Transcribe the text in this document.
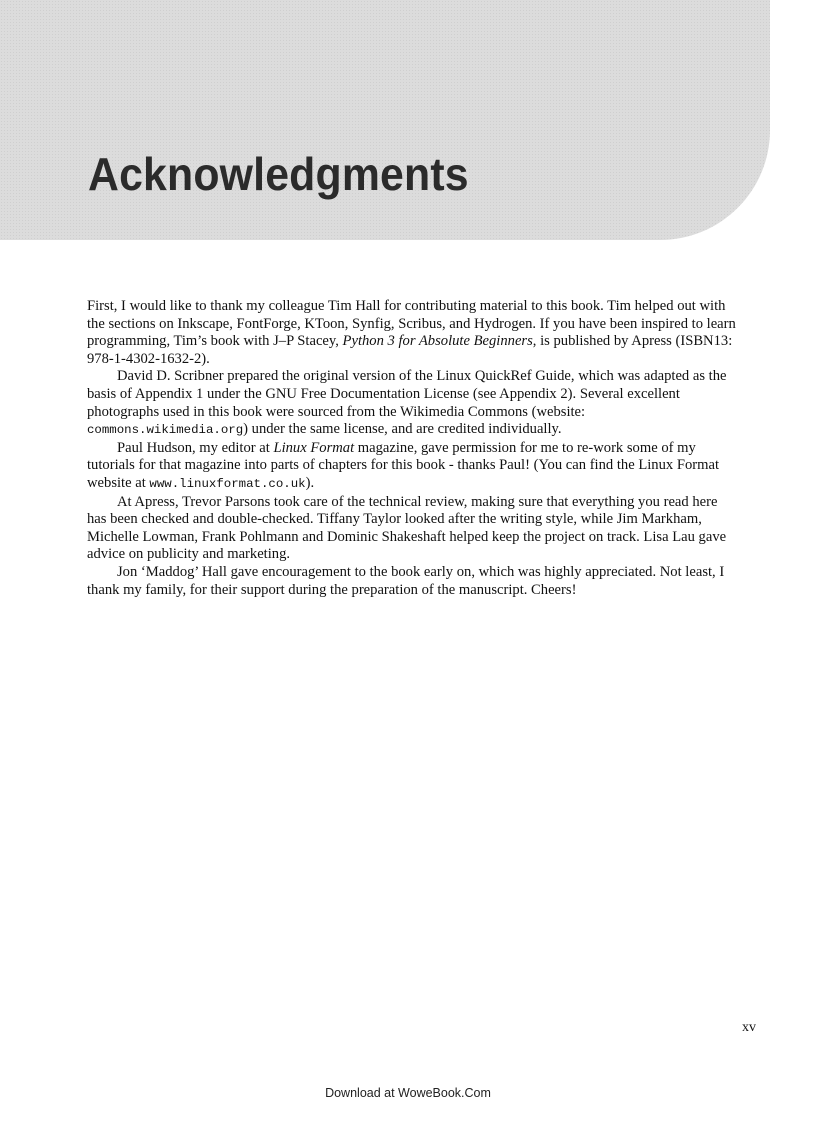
Acknowledgments

First, I would like to thank my colleague Tim Hall for contributing material to this book. Tim helped out with the sections on Inkscape, FontForge, KToon, Synfig, Scribus, and Hydrogen. If you have been inspired to learn programming, Tim’s book with J–P Stacey, Python 3 for Absolute Beginners, is published by Apress (ISBN13: 978-1-4302-1632-2).

David D. Scribner prepared the original version of the Linux QuickRef Guide, which was adapted as the basis of Appendix 1 under the GNU Free Documentation License (see Appendix 2). Several excellent photographs used in this book were sourced from the Wikimedia Commons (website: commons.wikimedia.org) under the same license, and are credited individually.

Paul Hudson, my editor at Linux Format magazine, gave permission for me to re-work some of my tutorials for that magazine into parts of chapters for this book - thanks Paul! (You can find the Linux Format website at www.linuxformat.co.uk).

At Apress, Trevor Parsons took care of the technical review, making sure that everything you read here has been checked and double-checked. Tiffany Taylor looked after the writing style, while Jim Markham, Michelle Lowman, Frank Pohlmann and Dominic Shakeshaft helped keep the project on track. Lisa Lau gave advice on publicity and marketing.

Jon ‘Maddog’ Hall gave encouragement to the book early on, which was highly appreciated. Not least, I thank my family, for their support during the preparation of the manuscript. Cheers!

xv
Download at WoweBook.Com
